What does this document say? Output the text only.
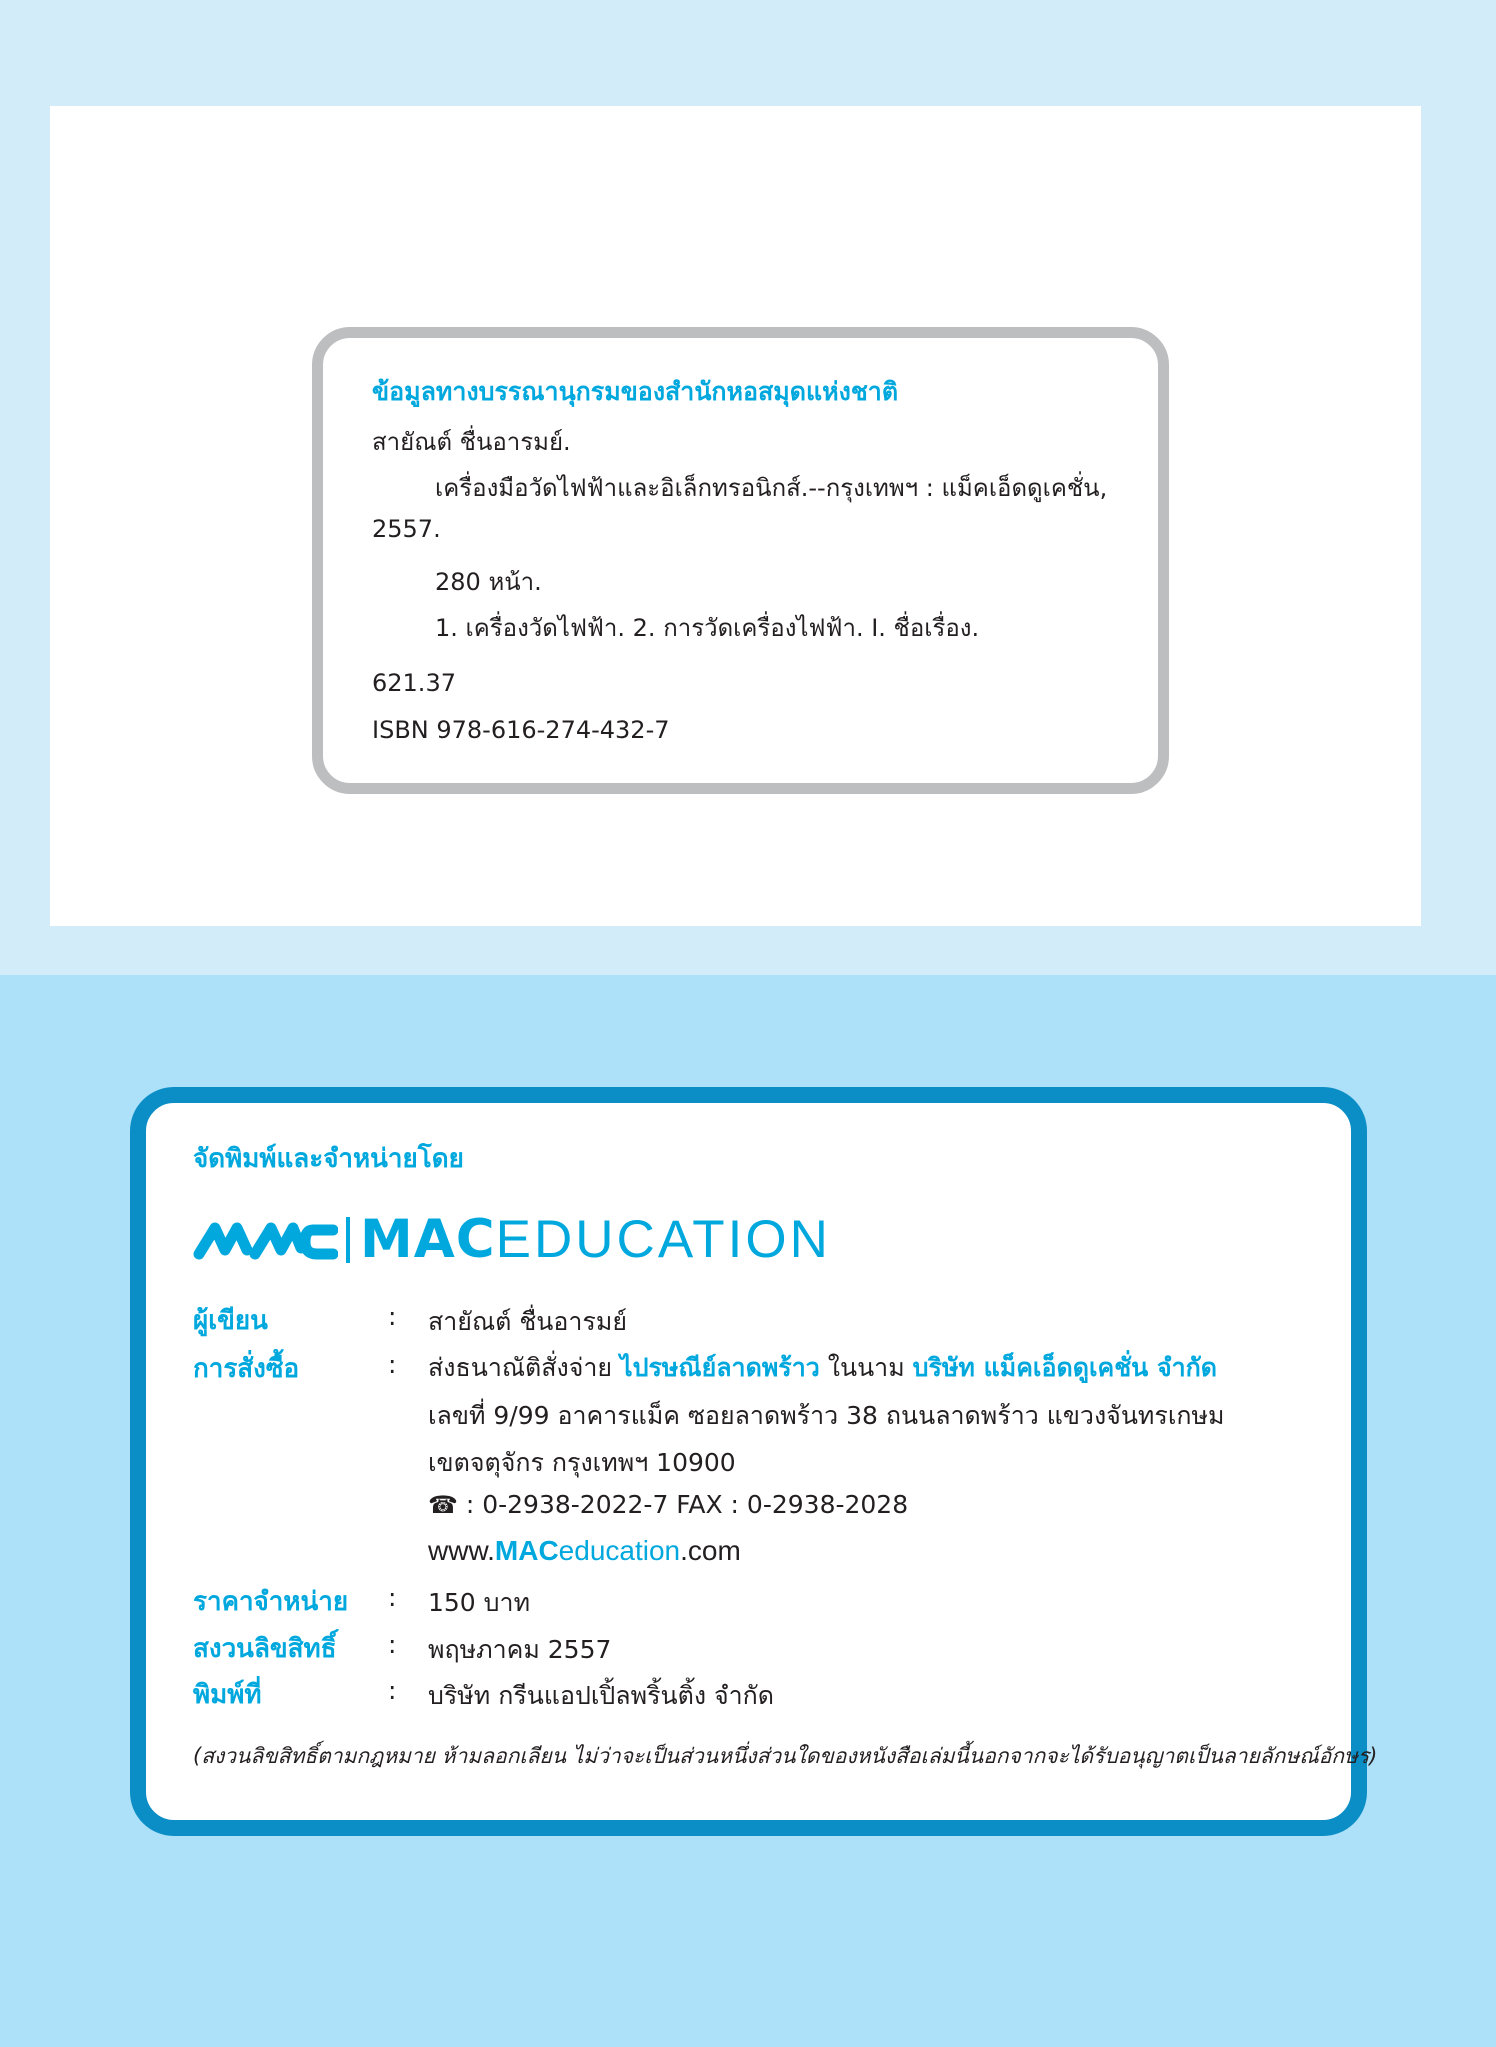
ข้อมูลทางบรรณานุกรมของสำนักหอสมุดแห่งชาติ
สายัณต์ ชื่นอารมย์.
เครื่องมือวัดไฟฟ้าและอิเล็กทรอนิกส์.--กรุงเทพฯ : แม็คเอ็ดดูเคชั่น,
2557.
280 หน้า.
1. เครื่องวัดไฟฟ้า. 2. การวัดเครื่องไฟฟ้า. I. ชื่อเรื่อง.
621.37
ISBN 978-616-274-432-7
จัดพิมพ์และจำหน่ายโดย
MACEDUCATION
ผู้เขียน	: สายัณต์ ชื่นอารมย์
การสั่งซื้อ	: ส่งธนาณัติสั่งจ่าย ไปรษณีย์ลาดพร้าว ในนาม บริษัท แม็คเอ็ดดูเคชั่น จำกัด
เลขที่ 9/99 อาคารแม็ค ซอยลาดพร้าว 38 ถนนลาดพร้าว แขวงจันทรเกษม
เขตจตุจักร กรุงเทพฯ 10900
☎ : 0-2938-2022-7 FAX : 0-2938-2028
www.MACeducation.com
ราคาจำหน่าย : 150 บาท
สงวนลิขสิทธิ์ : พฤษภาคม 2557
พิมพ์ที่	: บริษัท กรีนแอปเปิ้ลพริ้นติ้ง จำกัด
(สงวนลิขสิทธิ์ตามกฎหมาย ห้ามลอกเลียน ไม่ว่าจะเป็นส่วนหนึ่งส่วนใดของหนังสือเล่มนี้นอกจากจะได้รับอนุญาตเป็นลายลักษณ์อักษร)
